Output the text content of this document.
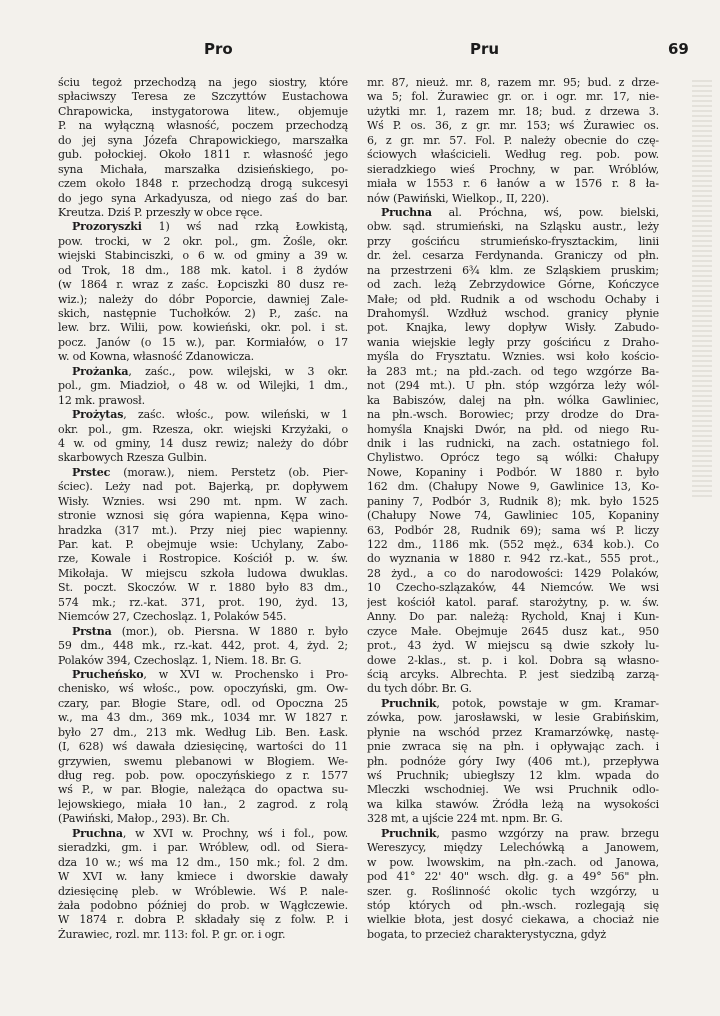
Pro	Pru	69
ściu tegoż przechodzą na jego siostry, które
spłaciwszy Teresa ze Szczyttów Eustachowa
Chrapowicka, instygatorowa litew., objemuje
P. na wyłączną własność, poczem przechodzą
do jej syna Józefa Chrapowickiego, marszałka
gub. połockiej. Około 1811 r. własność jego
syna Michała, marszałka dzisieńskiego, po-
czem około 1848 r. przechodzą drogą sukcesyi
do jego syna Arkadyusza, od niego zaś do bar.
Kreutza. Dziś P. przeszły w obce ręce.
Prozoryszki 1) wś nad rzką Łowkistą,
pow. trocki, w 2 okr. pol., gm. Żośle, okr.
wiejski Stabinciszki, o 6 w. od gminy a 39 w.
od Trok, 18 dm., 188 mk. katol. i 8 żydów
(w 1864 r. wraz z zaśc. Łopciszki 80 dusz re-
wiz.); należy do dóbr Poporcie, dawniej Zale-
skich, następnie Tuchołków. 2) P., zaśc. na
lew. brz. Wilii, pow. kowieński, okr. pol. i st.
pocz. Janów (o 15 w.), par. Kormiałów, o 17
w. od Kowna, własność Zdanowicza.
Prożanka, zaśc., pow. wilejski, w 3 okr.
pol., gm. Miadzioł, o 48 w. od Wilejki, 1 dm.,
12 mk. prawosł.
Prożytas, zaśc. włośc., pow. wileński, w 1
okr. pol., gm. Rzesza, okr. wiejski Krzyżaki, o
4 w. od gminy, 14 dusz rewiz; należy do dóbr
skarbowych Rzesza Gulbin.
Prstec (moraw.), niem. Perstetz (ob. Pier-
ściec). Leży nad pot. Bajerką, pr. dopływem
Wisły. Wznies. wsi 290 mt. npm. W zach.
stronie wznosi się góra wapienna, Kępa wino-
hradzka (317 mt.). Przy niej piec wapienny.
Par. kat. P. obejmuje wsie: Uchylany, Zabo-
rze, Kowale i Rostropice. Kościół p. w. św.
Mikołaja. W miejscu szkoła ludowa dwuklas.
St. poczt. Skoczów. W r. 1880 było 83 dm.,
574 mk.; rz.-kat. 371, prot. 190, żyd. 13,
Niemców 27, Czechosląz. 1, Polaków 545.
Prstna (mor.), ob. Piersna. W 1880 r. było
59 dm., 448 mk., rz.-kat. 442, prot. 4, żyd. 2;
Polaków 394, Czechosląz. 1, Niem. 18. Br. G.
Prucheńsko, w XVI w. Prochensko i Pro-
chenisko, wś włośc., pow. opoczyński, gm. Ow-
czary, par. Błogie Stare, odl. od Opoczna 25
w., ma 43 dm., 369 mk., 1034 mr. W 1827 r.
było 27 dm., 213 mk. Według Lib. Ben. Łask.
(I, 628) wś dawała dziesięcinę, wartości do 11
grzywien, swemu plebanowi w Błogiem. We-
dług reg. pob. pow. opoczyńskiego z r. 1577
wś P., w par. Błogie, należąca do opactwa su-
lejowskiego, miała 10 łan., 2 zagrod. z rolą
(Pawiński, Małop., 293). Br. Ch.
Pruchna, w XVI w. Prochny, wś i fol., pow.
sieradzki, gm. i par. Wróblew, odl. od Siera-
dza 10 w.; wś ma 12 dm., 150 mk.; fol. 2 dm.
W XVI w. łany kmiece i dworskie dawały
dziesięcinę pleb. w Wróblewie. Wś P. nale-
żała podobno później do prob. w Wągłczewie.
W 1874 r. dobra P. składały się z folw. P. i
Żurawiec, rozl. mr. 113: fol. P. gr. or. i ogr.
mr. 87, nieuż. mr. 8, razem mr. 95; bud. z drze-
wa 5; fol. Żurawiec gr. or. i ogr. mr. 17, nie-
użytki mr. 1, razem mr. 18; bud. z drzewa 3.
Wś P. os. 36, z gr. mr. 153; wś Żurawiec os.
6, z gr. mr. 57. Fol. P. należy obecnie do czę-
ściowych właścicieli. Według reg. pob. pow.
sieradzkiego wieś Prochny, w par. Wróblów,
miała w 1553 r. 6 łanów a w 1576 r. 8 ła-
nów (Pawiński, Wielkop., II, 220).
Pruchna al. Próchna, wś, pow. bielski,
obw. sąd. strumieński, na Szląsku austr., leży
przy gościńcu strumieńsko-frysztackim, linii
dr. żel. cesarza Ferdynanda. Graniczy od płn.
na przestrzeni 6¾ klm. ze Szląskiem pruskim;
od zach. leżą Zebrzydowice Górne, Kończyce
Małe; od płd. Rudnik a od wschodu Ochaby i
Drahomyśl. Wzdłuż wschod. granicy płynie
pot. Knajka, lewy dopływ Wisły. Zabudo-
wania wiejskie legły przy gościńcu z Draho-
myśla do Frysztatu. Wznies. wsi koło kościo-
ła 283 mt.; na płd.-zach. od tego wzgórze Ba-
not (294 mt.). U płn. stóp wzgórza leży wól-
ka Babiszów, dalej na płn. wólka Gawliniec,
na płn.-wsch. Borowiec; przy drodze do Dra-
homyśla Knajski Dwór, na płd. od niego Ru-
dnik i las rudnicki, na zach. ostatniego fol.
Chylistwo. Oprócz tego są wólki: Chałupy
Nowe, Kopaniny i Podbór. W 1880 r. było
162 dm. (Chałupy Nowe 9, Gawlinice 13, Ko-
paniny 7, Podbór 3, Rudnik 8); mk. było 1525
(Chałupy Nowe 74, Gawliniec 105, Kopaniny
63, Podbór 28, Rudnik 69); sama wś P. liczy
122 dm., 1186 mk. (552 męż., 634 kob.). Co
do wyznania w 1880 r. 942 rz.-kat., 555 prot.,
28 żyd., a co do narodowości: 1429 Polaków,
10 Czecho-szlązaków, 44 Niemców. We wsi
jest kościół katol. paraf. starożytny, p. w. św.
Anny. Do par. należą: Rychold, Knaj i Kun-
czyce Małe. Obejmuje 2645 dusz kat., 950
prot., 43 żyd. W miejscu są dwie szkoły lu-
dowe 2-klas., st. p. i kol. Dobra są własno-
ścią arcyks. Albrechta. P. jest siedzibą zarzą-
du tych dóbr. Br. G.
Pruchnik, potok, powstaje w gm. Kramar-
zówka, pow. jarosławski, w lesie Grabińskim,
płynie na wschód przez Kramarzówkę, nastę-
pnie zwraca się na płn. i opływając zach. i
płn. podnóże góry Iwy (406 mt.), przepływa
wś Pruchnik; ubiegłszy 12 klm. wpada do
Mleczki wschodniej. We wsi Pruchnik odlo-
wa kilka stawów. Źródła leżą na wysokości
328 mt, a ujście 224 mt. npm. Br. G.
Pruchnik, pasmo wzgórzy na praw. brzegu
Wereszycy, między Lelechówką a Janowem,
w pow. lwowskim, na płn.-zach. od Janowa,
pod 41° 22' 40" wsch. dłg. g. a 49° 56" płn.
szer. g. Roślinność okolic tych wzgórzy, u
stóp których od płn.-wsch. rozlegają się
wielkie błota, jest dosyć ciekawa, a chociaż nie
bogata, to przecież charakterystyczna, gdyż
